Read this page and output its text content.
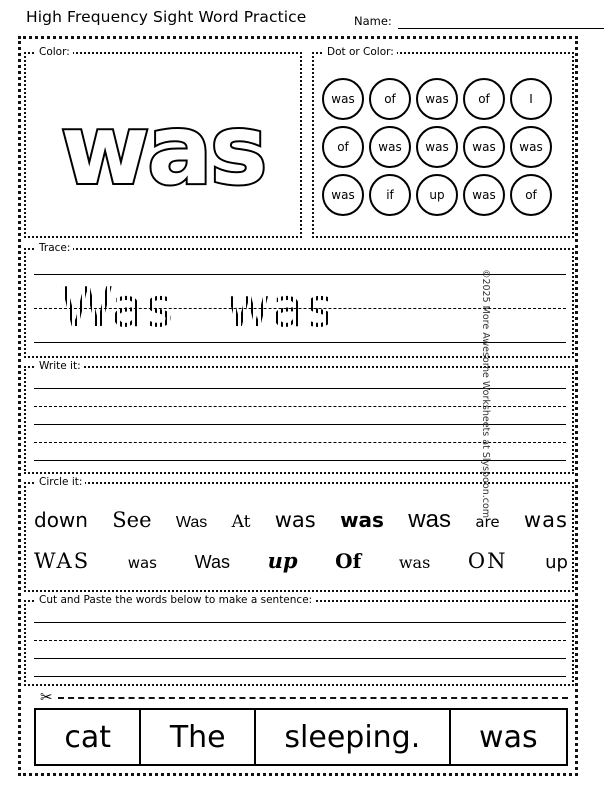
High Frequency Sight Word Practice	Name:
Color:
was
Dot or Color:
was	of	was	of	I
of	was	was	was	was
was	if	up	was	of
Trace:
Was was
Write it:
Circle it:
down See Was At was was was are was
WAS	was Was up Of was ON up
Cut and Paste the words below to make a sentence:
✂
cat	The	sleeping.	was
©2025 More Awesome Worksheets at Slyspoon.com
